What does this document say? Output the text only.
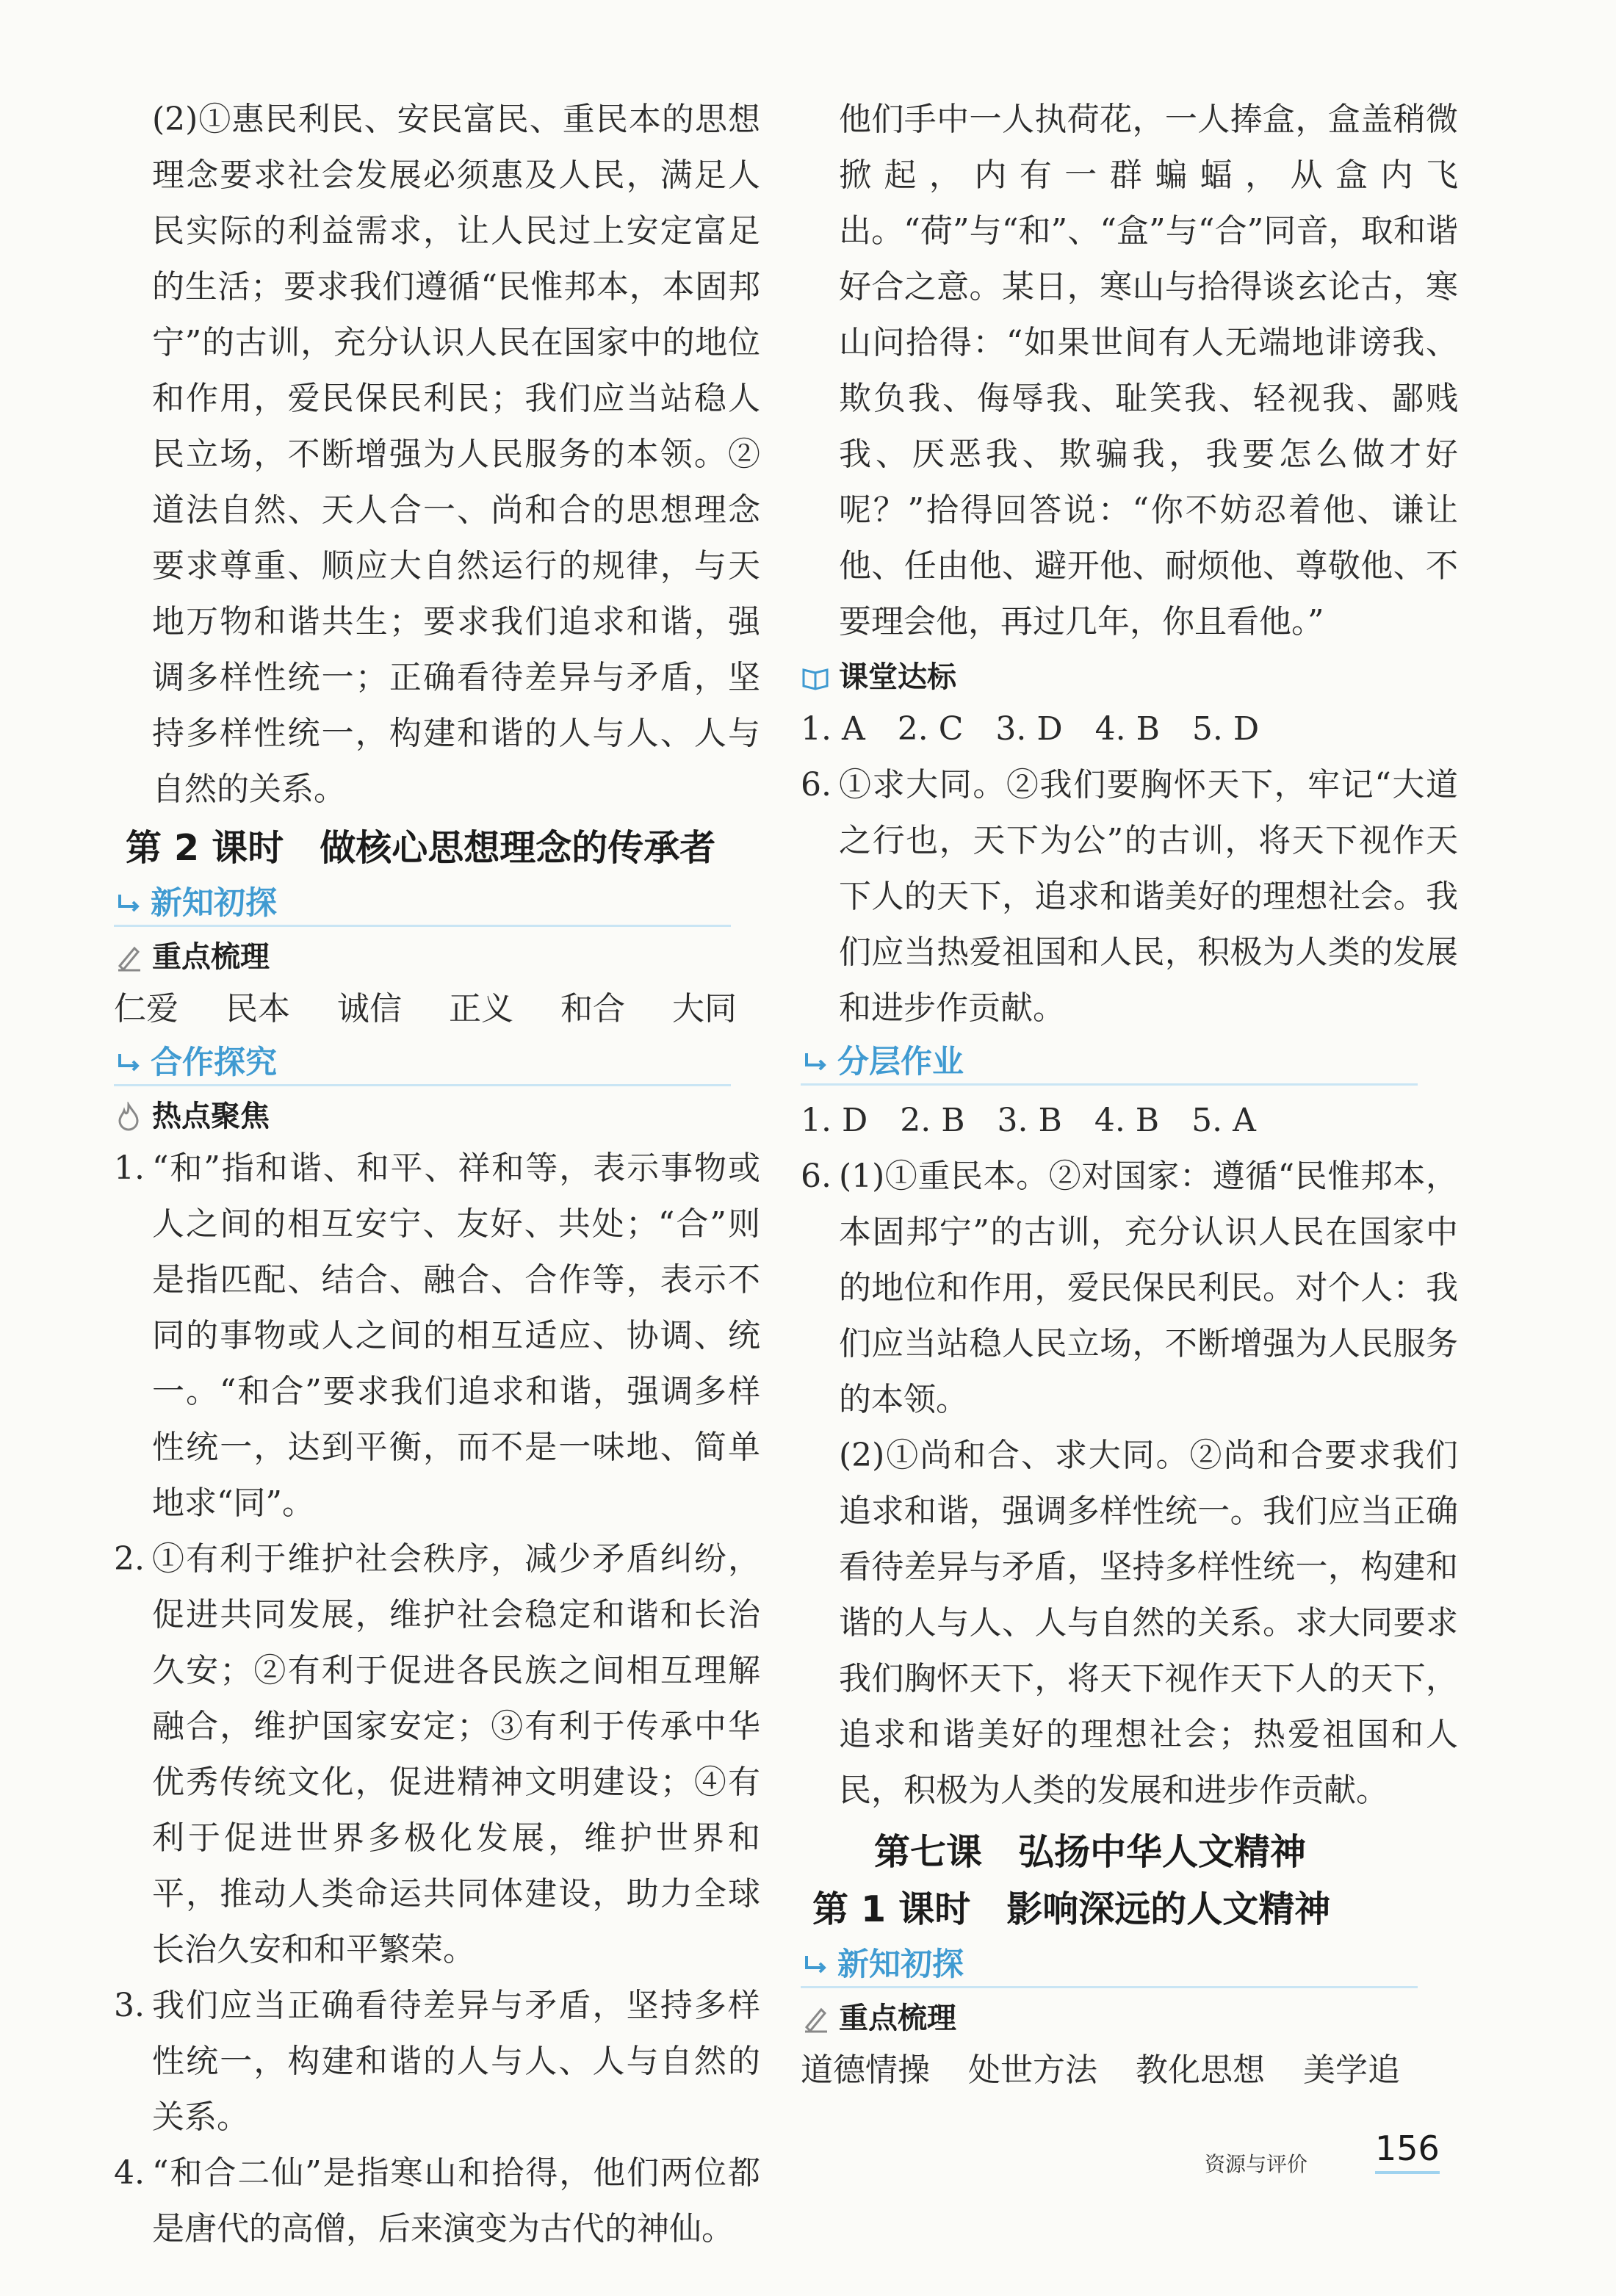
(2)①惠民利民、安民富民、重民本的思想理念要求社会发展必须惠及人民，满足人民实际的利益需求，让人民过上安定富足的生活；要求我们遵循“民惟邦本，本固邦宁”的古训，充分认识人民在国家中的地位和作用，爱民保民利民；我们应当站稳人民立场，不断增强为人民服务的本领。②道法自然、天人合一、尚和合的思想理念要求尊重、顺应大自然运行的规律，与天地万物和谐共生；要求我们追求和谐，强调多样性统一；正确看待差异与矛盾，坚持多样性统一，构建和谐的人与人、人与自然的关系。
第 2 课时　做核心思想理念的传承者
新知初探
重点梳理
仁爱 民本 诚信 正义 和合 大同
合作探究
热点聚焦
1. “和”指和谐、和平、祥和等，表示事物或人之间的相互安宁、友好、共处；“合”则是指匹配、结合、融合、合作等，表示不同的事物或人之间的相互适应、协调、统一。“和合”要求我们追求和谐，强调多样性统一，达到平衡，而不是一味地、简单地求“同”。
2. ①有利于维护社会秩序，减少矛盾纠纷，促进共同发展，维护社会稳定和谐和长治久安；②有利于促进各民族之间相互理解融合，维护国家安定；③有利于传承中华优秀传统文化，促进精神文明建设；④有利于促进世界多极化发展，维护世界和平，推动人类命运共同体建设，助力全球长治久安和和平繁荣。
3. 我们应当正确看待差异与矛盾，坚持多样性统一，构建和谐的人与人、人与自然的关系。
4. “和合二仙”是指寒山和拾得，他们两位都是唐代的高僧，后来演变为古代的神仙。
他们手中一人执荷花，一人捧盒，盒盖稍微掀起，内有一群蝙蝠，从盒内飞出。“荷”与“和”、“盒”与“合”同音，取和谐好合之意。某日，寒山与拾得谈玄论古，寒山问拾得：“如果世间有人无端地诽谤我、欺负我、侮辱我、耻笑我、轻视我、鄙贱我、厌恶我、欺骗我，我要怎么做才好呢？”拾得回答说：“你不妨忍着他、谦让他、任由他、避开他、耐烦他、尊敬他、不要理会他，再过几年，你且看他。”
课堂达标
1. A　2. C　3. D　4. B　5. D
6. ①求大同。②我们要胸怀天下，牢记“大道之行也，天下为公”的古训，将天下视作天下人的天下，追求和谐美好的理想社会。我们应当热爱祖国和人民，积极为人类的发展和进步作贡献。
分层作业
1. D　2. B　3. B　4. B　5. A
6. (1)①重民本。②对国家：遵循“民惟邦本，本固邦宁”的古训，充分认识人民在国家中的地位和作用，爱民保民利民。对个人：我们应当站稳人民立场，不断增强为人民服务的本领。
(2)①尚和合、求大同。②尚和合要求我们追求和谐，强调多样性统一。我们应当正确看待差异与矛盾，坚持多样性统一，构建和谐的人与人、人与自然的关系。求大同要求我们胸怀天下，将天下视作天下人的天下，追求和谐美好的理想社会；热爱祖国和人民，积极为人类的发展和进步作贡献。
第七课　弘扬中华人文精神
第 1 课时　影响深远的人文精神
新知初探
重点梳理
道德情操 处世方法 教化思想 美学追
资源与评价 156
